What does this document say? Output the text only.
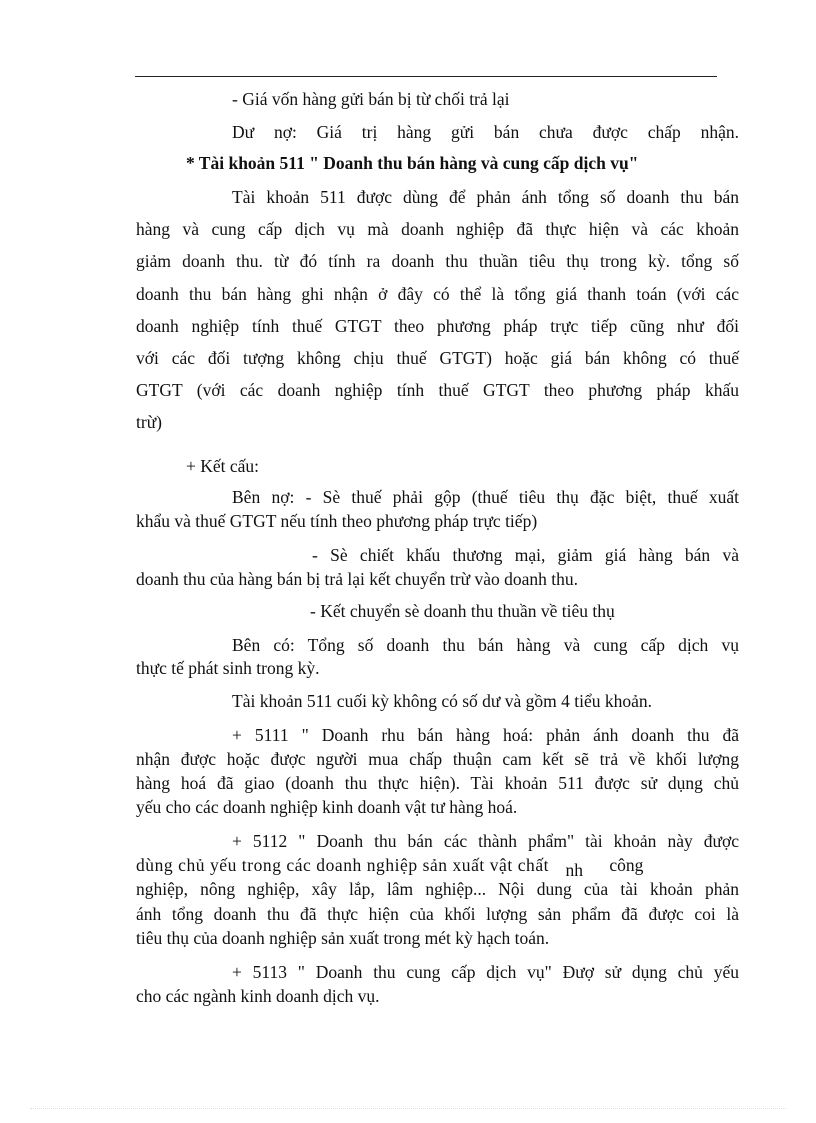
- Giá vốn hàng gửi bán bị từ chối trả lại
Dư nợ: Giá trị hàng gửi bán chưa được chấp nhận.
* Tài khoản 511 " Doanh thu bán hàng và cung cấp dịch vụ"
Tài khoản 511 được dùng để phản ánh tổng số doanh thu bán
hàng và cung cấp dịch vụ mà doanh nghiệp đã thực hiện và các khoản
giảm doanh thu. từ đó tính ra doanh thu thuần tiêu thụ trong kỳ. tổng số
doanh thu bán hàng ghi nhận ở đây có thể là tổng giá thanh toán (với các
doanh nghiệp tính thuế GTGT theo phương pháp trực tiếp cũng như đối
với các đối tượng không chịu thuế GTGT) hoặc giá bán không có thuế
GTGT (với các doanh nghiệp tính thuế GTGT theo phương pháp khấu
trừ)
+ Kết cấu:
Bên nợ: - Sè thuế phải gộp (thuế tiêu thụ đặc biệt, thuế xuất
khẩu và thuế GTGT nếu tính theo phương pháp trực tiếp)
- Sè chiết khấu thương mại, giảm giá hàng bán và
doanh thu của hàng bán bị trả lại kết chuyển trừ vào doanh thu.
- Kết chuyển sè doanh thu thuần về tiêu thụ
Bên có: Tổng số doanh thu bán hàng và cung cấp dịch vụ
thực tế phát sinh trong kỳ.
Tài khoản 511 cuối kỳ không có số dư và gồm 4 tiểu khoản.
+ 5111 " Doanh rhu bán hàng hoá: phản ánh doanh thu đã
nhận được hoặc được người mua chấp thuận cam kết sẽ trả về khối lượng
hàng hoá đã giao (doanh thu thực hiện). Tài khoản 511 được sử dụng chủ
yếu cho các doanh nghiệp kinh doanh vật tư hàng hoá.
+ 5112 " Doanh thu bán các thành phẩm" tài khoản này được
dùng chủ yếu trong các doanh nghiệp sản xuất vật chất nh công
nghiệp, nông nghiệp, xây lắp, lâm nghiệp... Nội dung của tài khoản phản
ánh tổng doanh thu đã thực hiện của khối lượng sản phẩm đã được coi là
tiêu thụ của doanh nghiệp sản xuất trong mét kỳ hạch toán.
+ 5113 " Doanh thu cung cấp dịch vụ" Đượ sử dụng chủ yếu
cho các ngành kinh doanh dịch vụ.
